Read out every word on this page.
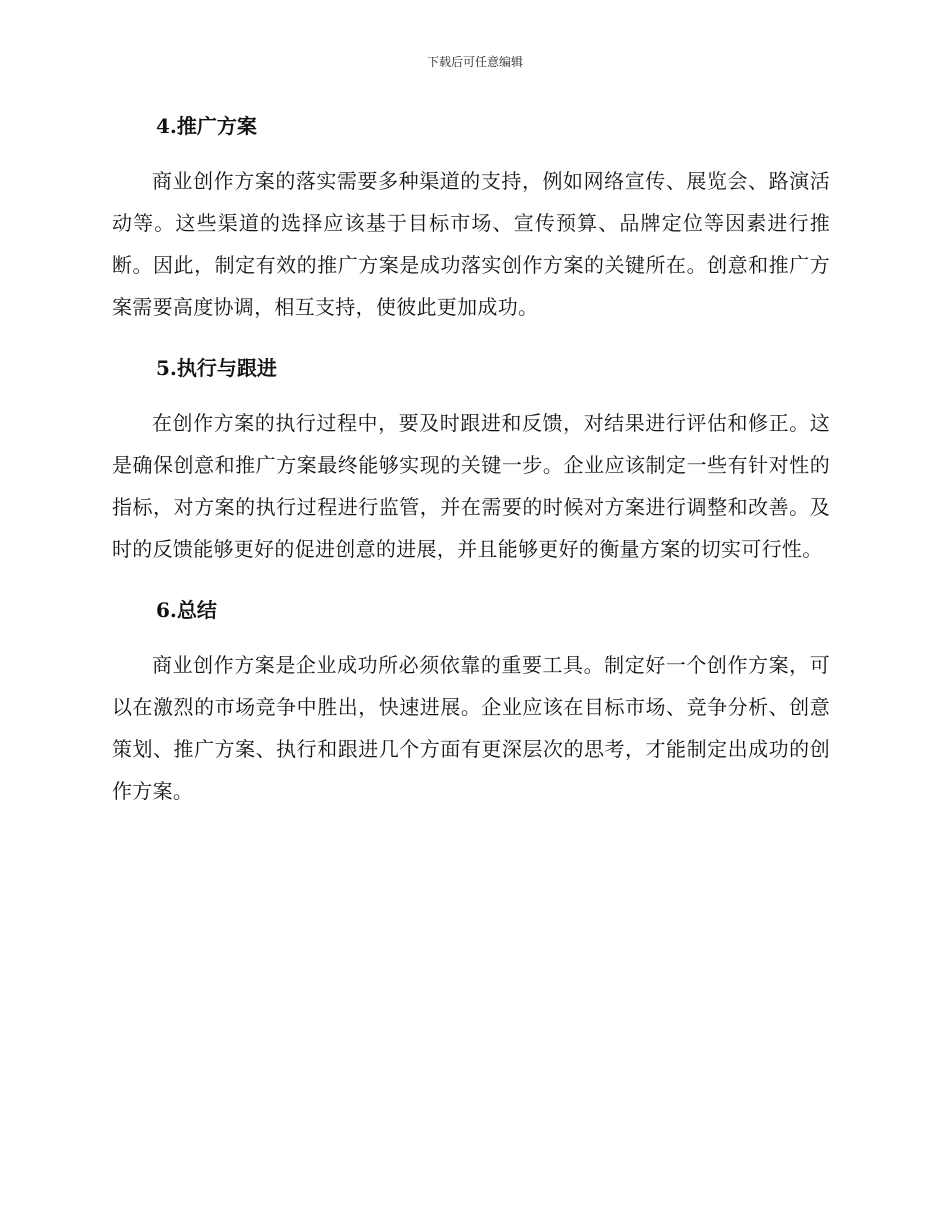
下载后可任意编辑
4.推广方案

商业创作方案的落实需要多种渠道的支持，例如网络宣传、展览会、路演活动等。这些渠道的选择应该基于目标市场、宣传预算、品牌定位等因素进行推断。因此，制定有效的推广方案是成功落实创作方案的关键所在。创意和推广方案需要高度协调，相互支持，使彼此更加成功。

5.执行与跟进

在创作方案的执行过程中，要及时跟进和反馈，对结果进行评估和修正。这是确保创意和推广方案最终能够实现的关键一步。企业应该制定一些有针对性的指标，对方案的执行过程进行监管，并在需要的时候对方案进行调整和改善。及时的反馈能够更好的促进创意的进展，并且能够更好的衡量方案的切实可行性。

6.总结

商业创作方案是企业成功所必须依靠的重要工具。制定好一个创作方案，可以在激烈的市场竞争中胜出，快速进展。企业应该在目标市场、竞争分析、创意策划、推广方案、执行和跟进几个方面有更深层次的思考，才能制定出成功的创作方案。
